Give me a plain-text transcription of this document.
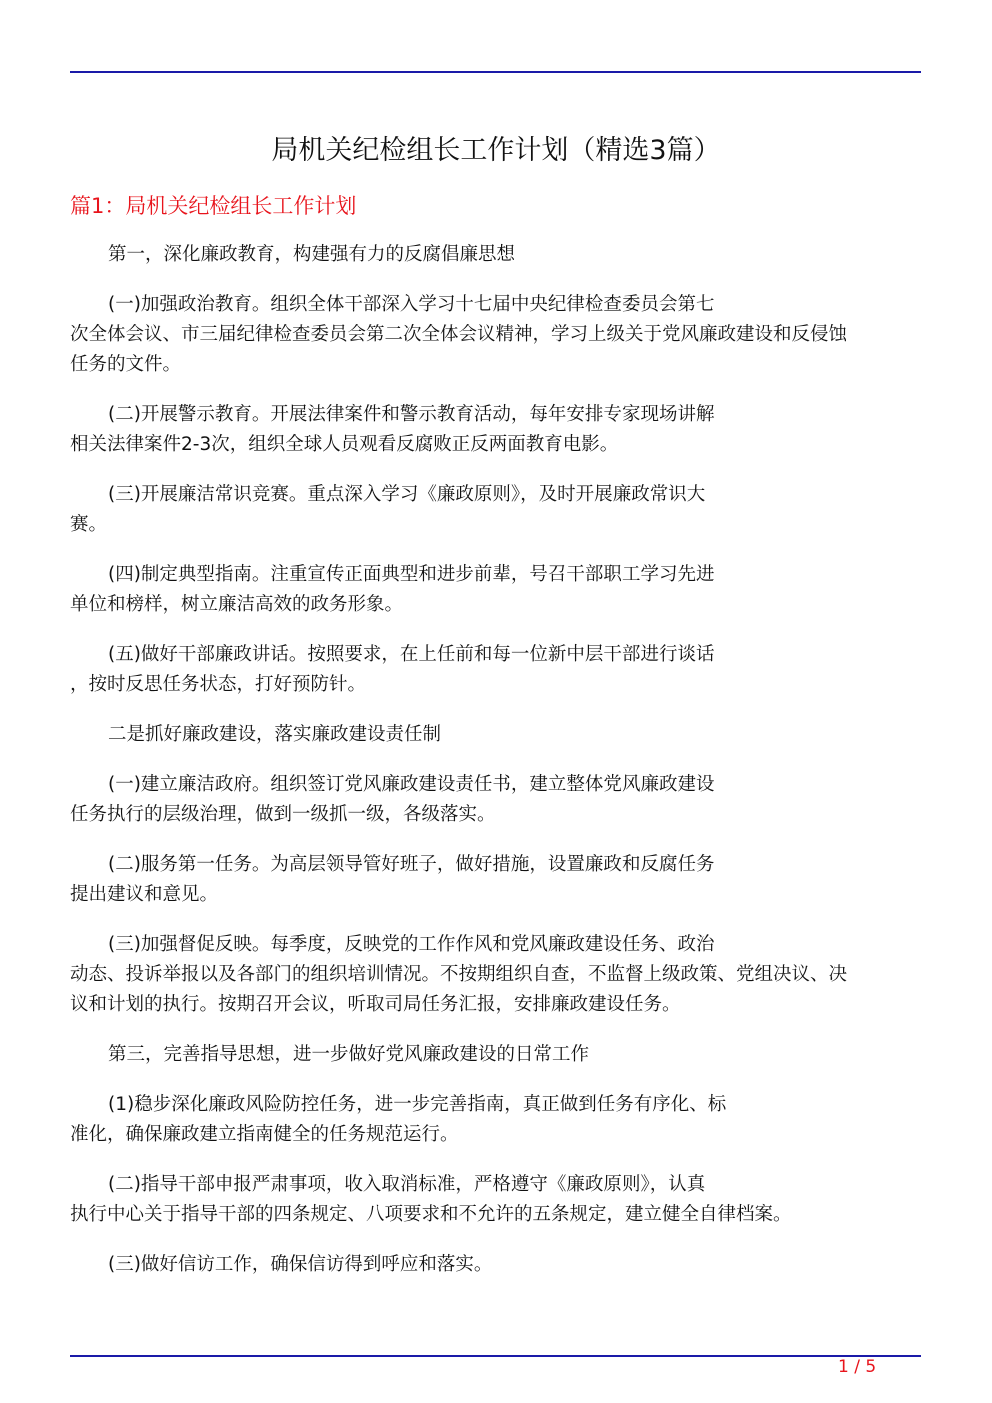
局机关纪检组长工作计划（精选3篇）
篇1：局机关纪检组长工作计划
第一，深化廉政教育，构建强有力的反腐倡廉思想
(一)加强政治教育。组织全体干部深入学习十七届中央纪律检查委员会第七
次全体会议、市三届纪律检查委员会第二次全体会议精神，学习上级关于党风廉政建设和反侵蚀
任务的文件。
(二)开展警示教育。开展法律案件和警示教育活动，每年安排专家现场讲解
相关法律案件2-3次，组织全球人员观看反腐败正反两面教育电影。
(三)开展廉洁常识竞赛。重点深入学习《廉政原则》，及时开展廉政常识大
赛。
(四)制定典型指南。注重宣传正面典型和进步前辈，号召干部职工学习先进
单位和榜样，树立廉洁高效的政务形象。
(五)做好干部廉政讲话。按照要求，在上任前和每一位新中层干部进行谈话
，按时反思任务状态，打好预防针。
二是抓好廉政建设，落实廉政建设责任制
(一)建立廉洁政府。组织签订党风廉政建设责任书，建立整体党风廉政建设
任务执行的层级治理，做到一级抓一级，各级落实。
(二)服务第一任务。为高层领导管好班子，做好措施，设置廉政和反腐任务
提出建议和意见。
(三)加强督促反映。每季度，反映党的工作作风和党风廉政建设任务、政治
动态、投诉举报以及各部门的组织培训情况。不按期组织自查，不监督上级政策、党组决议、决
议和计划的执行。按期召开会议，听取司局任务汇报，安排廉政建设任务。
第三，完善指导思想，进一步做好党风廉政建设的日常工作
(1)稳步深化廉政风险防控任务，进一步完善指南，真正做到任务有序化、标
准化，确保廉政建立指南健全的任务规范运行。
(二)指导干部申报严肃事项，收入取消标准，严格遵守《廉政原则》，认真
执行中心关于指导干部的四条规定、八项要求和不允许的五条规定，建立健全自律档案。
(三)做好信访工作，确保信访得到呼应和落实。
1 / 5
